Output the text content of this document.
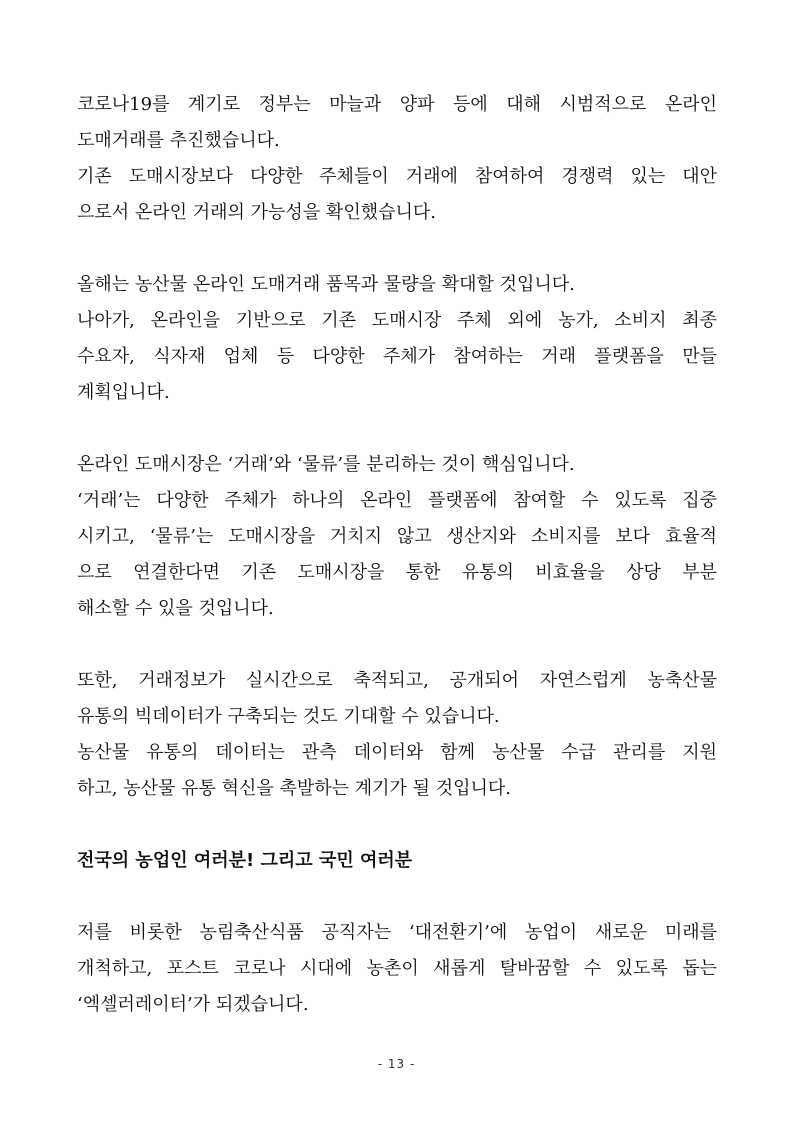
코로나19를 계기로 정부는 마늘과 양파 등에 대해 시범적으로 온라인
도매거래를 추진했습니다.
기존 도매시장보다 다양한 주체들이 거래에 참여하여 경쟁력 있는 대안
으로서 온라인 거래의 가능성을 확인했습니다.
올해는 농산물 온라인 도매거래 품목과 물량을 확대할 것입니다.
나아가, 온라인을 기반으로 기존 도매시장 주체 외에 농가, 소비지 최종
수요자, 식자재 업체 등 다양한 주체가 참여하는 거래 플랫폼을 만들
계획입니다.
온라인 도매시장은 ‘거래’와 ‘물류’를 분리하는 것이 핵심입니다.
‘거래’는 다양한 주체가 하나의 온라인 플랫폼에 참여할 수 있도록 집중
시키고, ‘물류’는 도매시장을 거치지 않고 생산지와 소비지를 보다 효율적
으로 연결한다면 기존 도매시장을 통한 유통의 비효율을 상당 부분
해소할 수 있을 것입니다.
또한, 거래정보가 실시간으로 축적되고, 공개되어 자연스럽게 농축산물
유통의 빅데이터가 구축되는 것도 기대할 수 있습니다.
농산물 유통의 데이터는 관측 데이터와 함께 농산물 수급 관리를 지원
하고, 농산물 유통 혁신을 촉발하는 계기가 될 것입니다.
전국의 농업인 여러분! 그리고 국민 여러분
저를 비롯한 농림축산식품 공직자는 ‘대전환기’에 농업이 새로운 미래를
개척하고, 포스트 코로나 시대에 농촌이 새롭게 탈바꿈할 수 있도록 돕는
‘엑셀러레이터’가 되겠습니다.
- 13 -
